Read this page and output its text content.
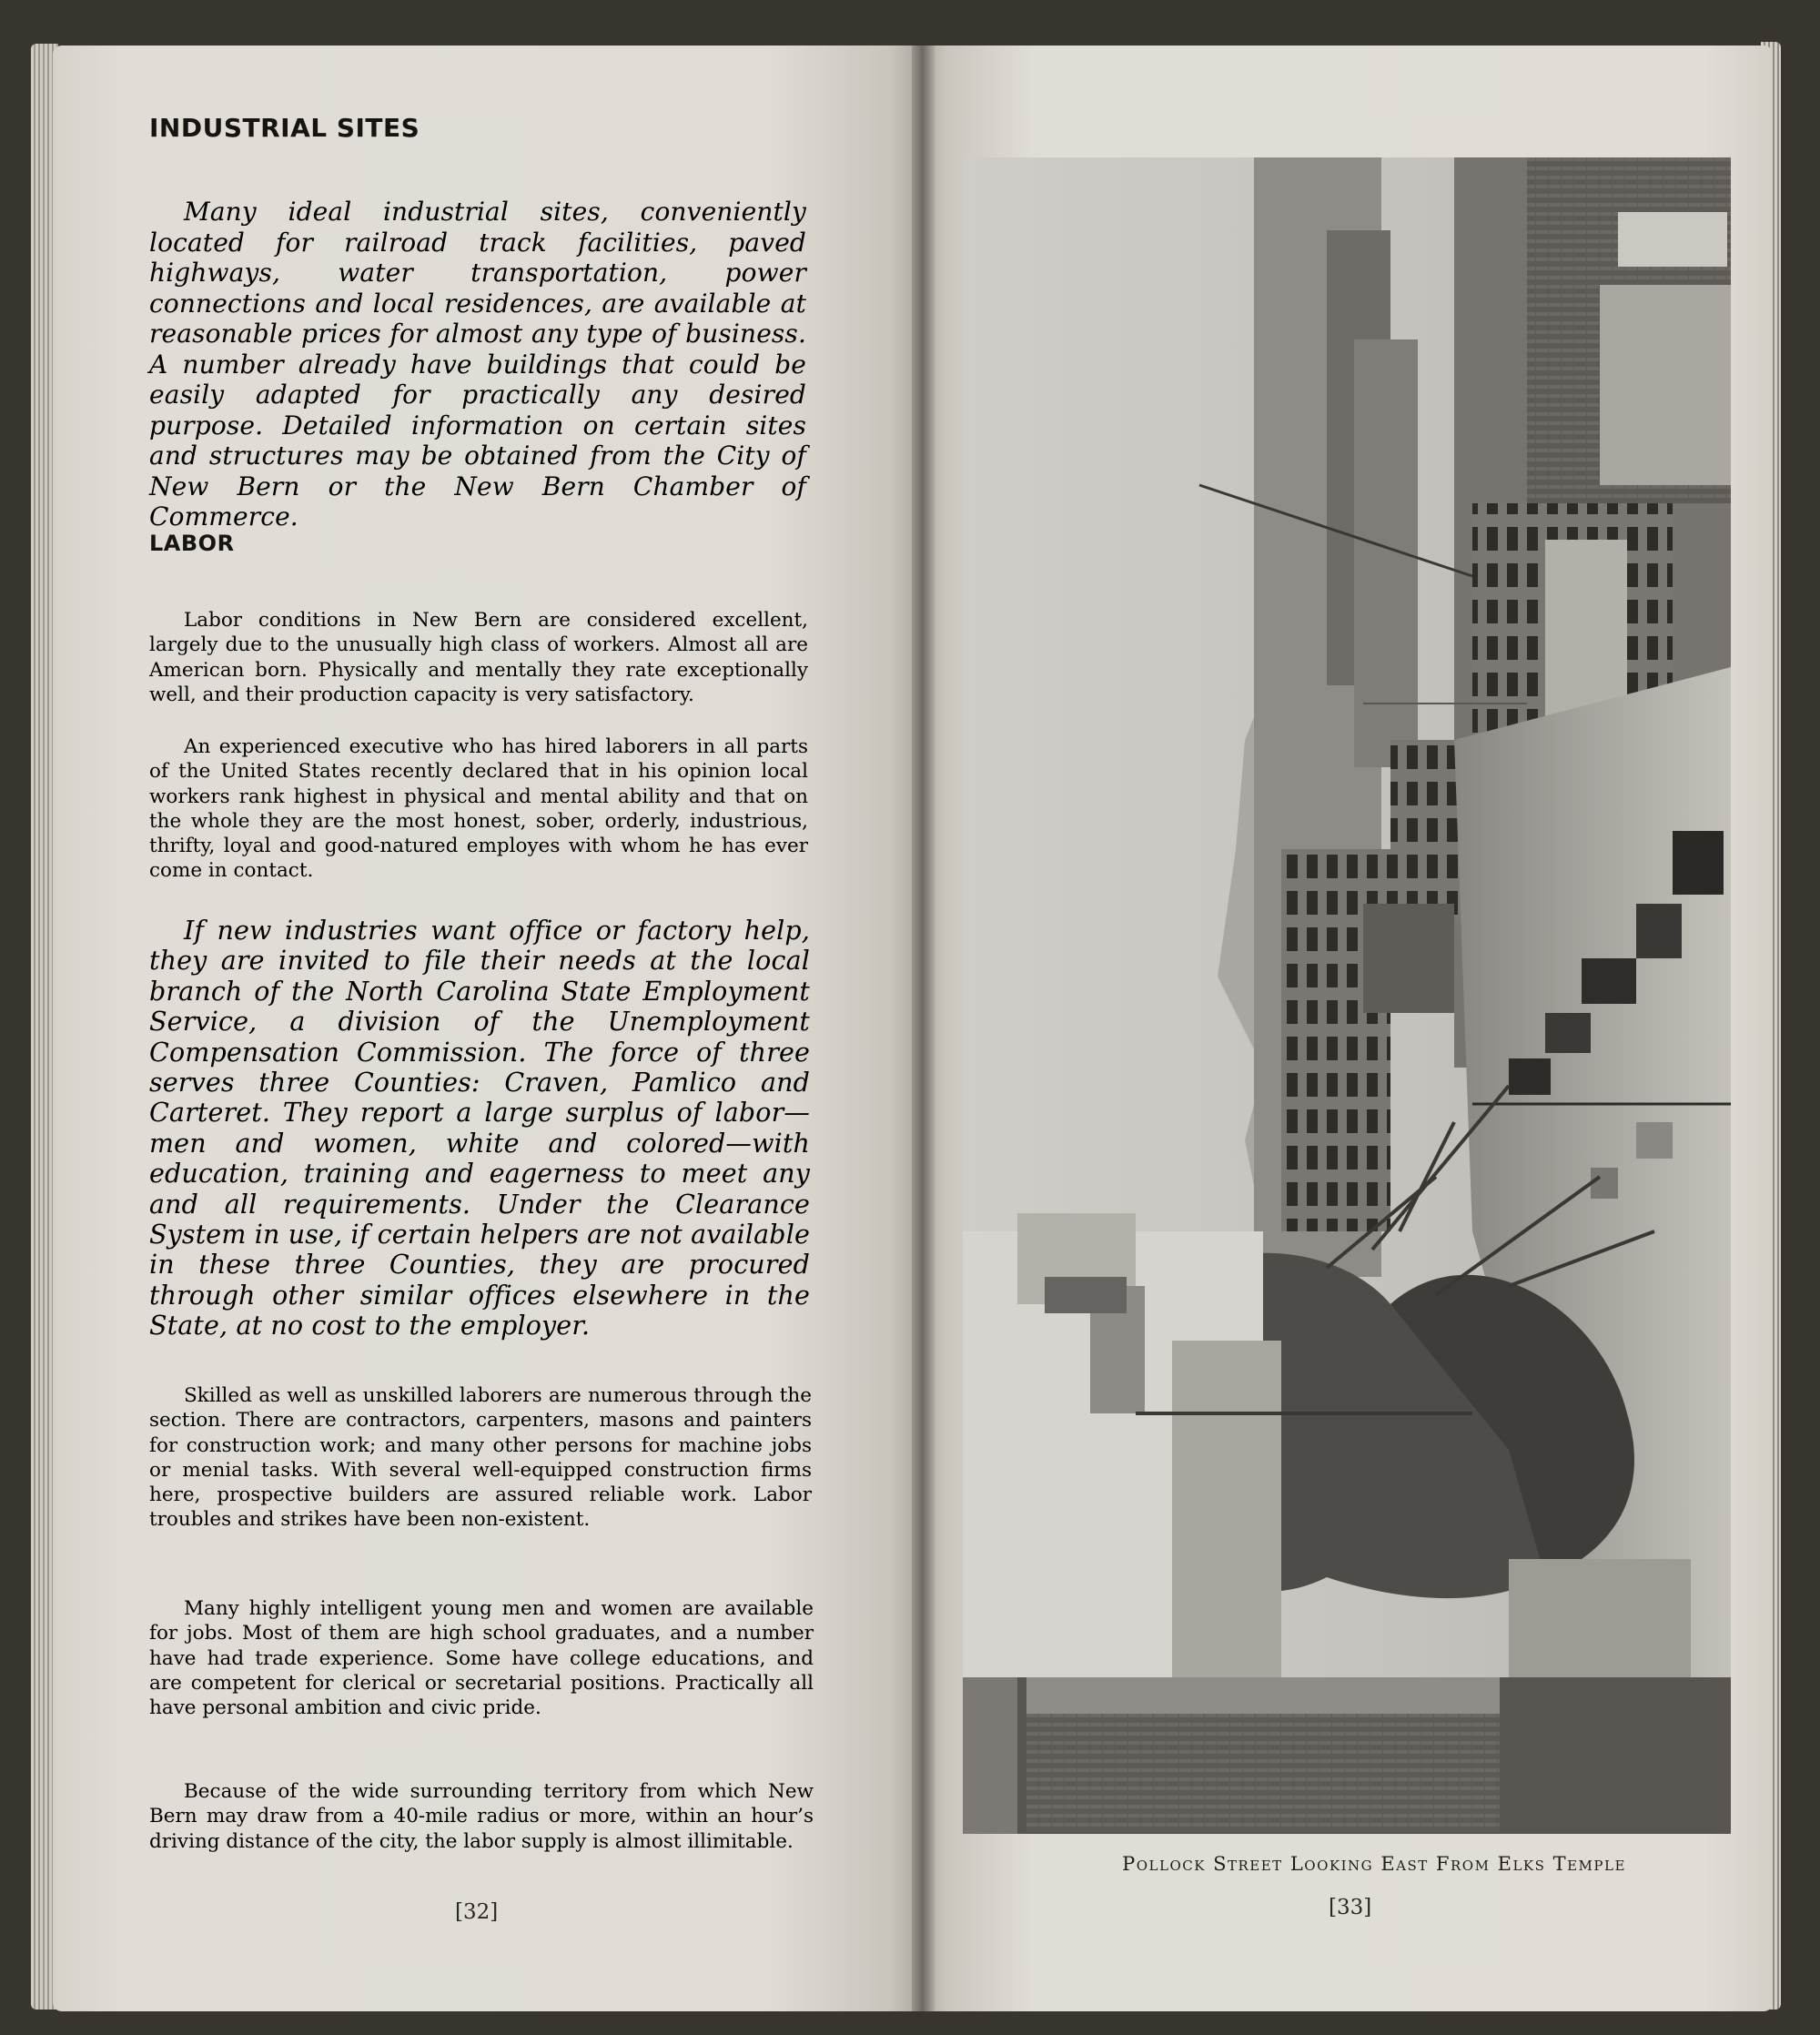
INDUSTRIAL SITES

Many ideal industrial sites, conveniently located for railroad track facilities, paved highways, water transportation, power connections and local residences, are available at reasonable prices for almost any type of business. A number already have buildings that could be easily adapted for practically any desired purpose. Detailed information on certain sites and structures may be obtained from the City of New Bern or the New Bern Chamber of Commerce.

LABOR

Labor conditions in New Bern are considered excellent, largely due to the unusually high class of workers. Almost all are American born. Physically and mentally they rate exceptionally well, and their production capacity is very satisfactory.

An experienced executive who has hired laborers in all parts of the United States recently declared that in his opinion local workers rank highest in physical and mental ability and that on the whole they are the most honest, sober, orderly, industrious, thrifty, loyal and good-natured employes with whom he has ever come in contact.

If new industries want office or factory help, they are invited to file their needs at the local branch of the North Carolina State Employment Service, a division of the Unemployment Compensation Commission. The force of three serves three Counties: Craven, Pamlico and Carteret. They report a large surplus of labor—men and women, white and colored—with education, training and eagerness to meet any and all requirements. Under the Clearance System in use, if certain helpers are not available in these three Counties, they are procured through other similar offices elsewhere in the State, at no cost to the employer.

Skilled as well as unskilled laborers are numerous through the section. There are contractors, carpenters, masons and painters for construction work; and many other persons for machine jobs or menial tasks. With several well-equipped construction firms here, prospective builders are assured reliable work. Labor troubles and strikes have been non-existent.

Many highly intelligent young men and women are available for jobs. Most of them are high school graduates, and a number have had trade experience. Some have college educations, and are competent for clerical or secretarial positions. Practically all have personal ambition and civic pride.

Because of the wide surrounding territory from which New Bern may draw from a 40-mile radius or more, within an hour’s driving distance of the city, the labor supply is almost illimitable.

[32]
Pollock Street Looking East From Elks Temple
[33]
